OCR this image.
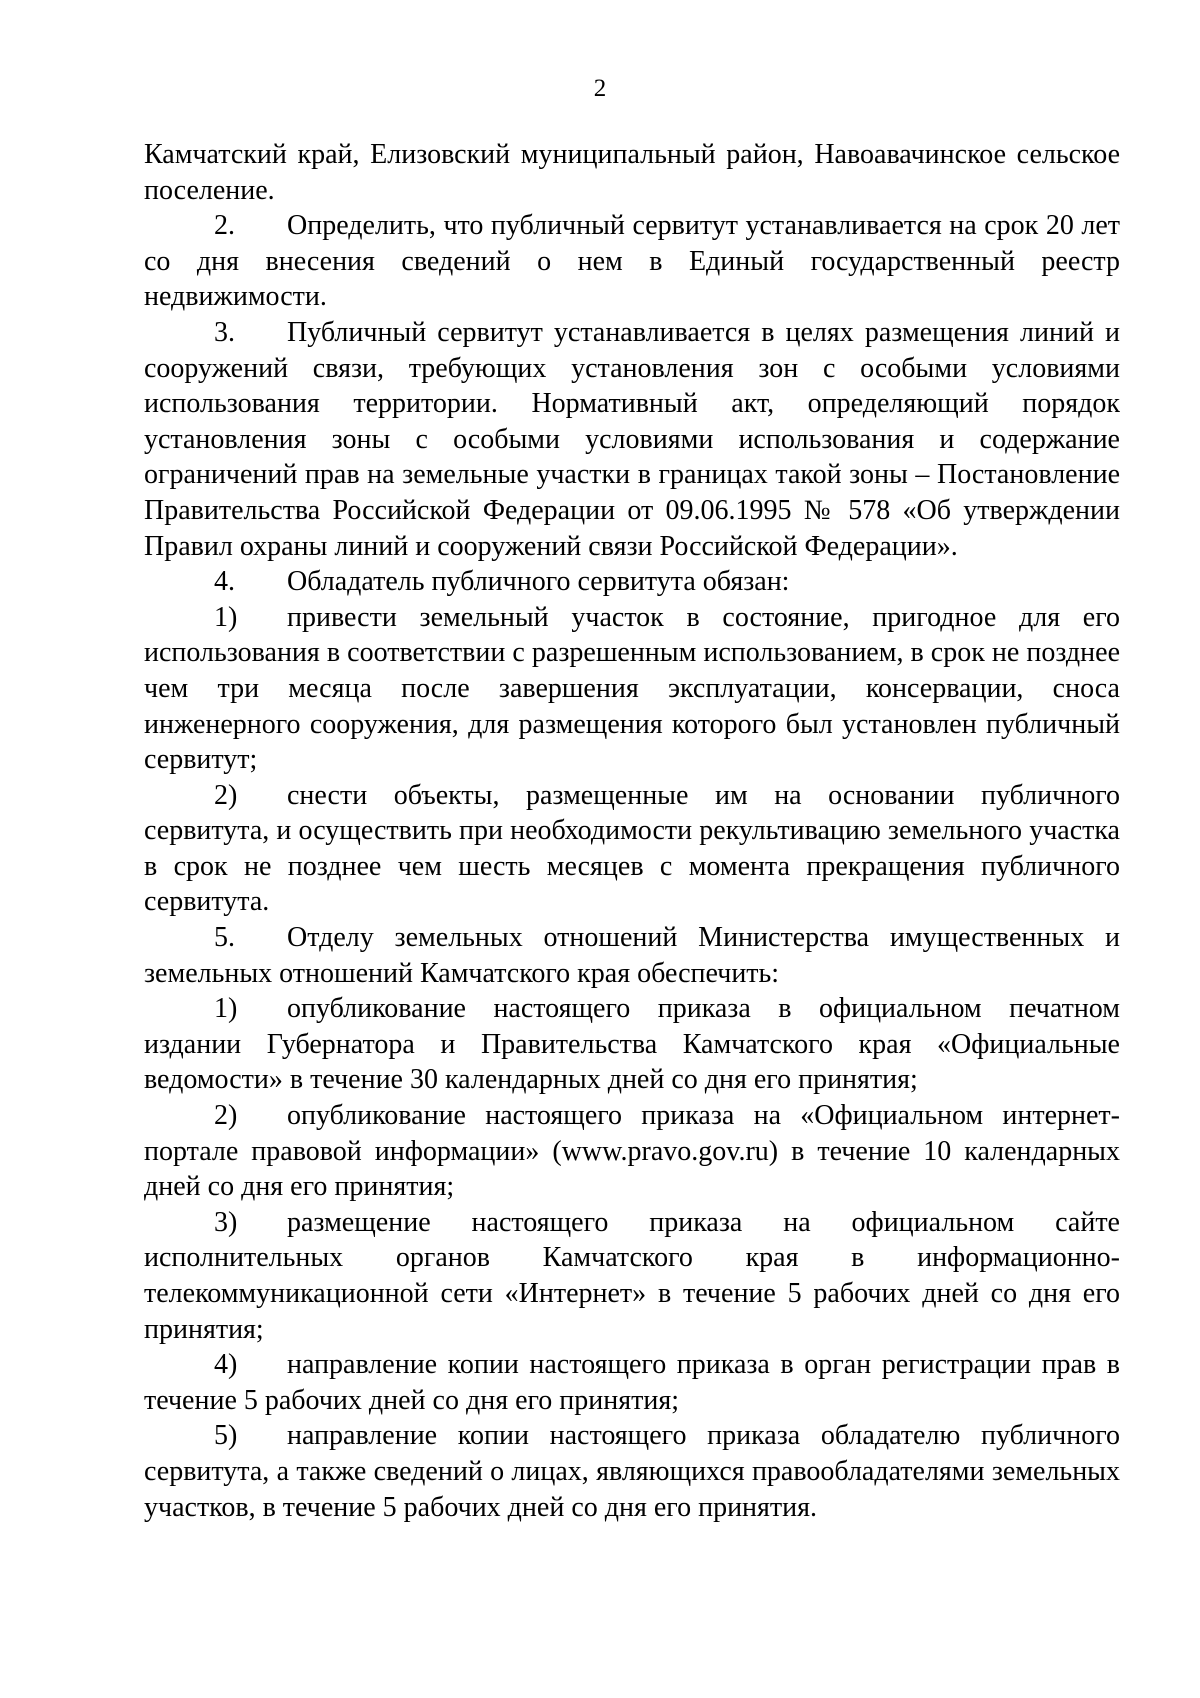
2

Камчатский край, Елизовский муниципальный район, Навоавачинское сельское поселение.

2. Определить, что публичный сервитут устанавливается на срок 20 лет со дня внесения сведений о нем в Единый государственный реестр недвижимости.

3. Публичный сервитут устанавливается в целях размещения линий и сооружений связи, требующих установления зон с особыми условиями использования территории. Нормативный акт, определяющий порядок установления зоны с особыми условиями использования и содержание ограничений прав на земельные участки в границах такой зоны – Постановление Правительства Российской Федерации от 09.06.1995 № 578 «Об утверждении Правил охраны линий и сооружений связи Российской Федерации».

4. Обладатель публичного сервитута обязан:

1) привести земельный участок в состояние, пригодное для его использования в соответствии с разрешенным использованием, в срок не позднее чем три месяца после завершения эксплуатации, консервации, сноса инженерного сооружения, для размещения которого был установлен публичный сервитут;

2) снести объекты, размещенные им на основании публичного сервитута, и осуществить при необходимости рекультивацию земельного участка в срок не позднее чем шесть месяцев с момента прекращения публичного сервитута.

5. Отделу земельных отношений Министерства имущественных и земельных отношений Камчатского края обеспечить:

1) опубликование настоящего приказа в официальном печатном издании Губернатора и Правительства Камчатского края «Официальные ведомости» в течение 30 календарных дней со дня его принятия;

2) опубликование настоящего приказа на «Официальном интернет-портале правовой информации» (www.pravo.gov.ru) в течение 10 календарных дней со дня его принятия;

3) размещение настоящего приказа на официальном сайте исполнительных органов Камчатского края в информационно-телекоммуникационной сети «Интернет» в течение 5 рабочих дней со дня его принятия;

4) направление копии настоящего приказа в орган регистрации прав в течение 5 рабочих дней со дня его принятия;

5) направление копии настоящего приказа обладателю публичного сервитута, а также сведений о лицах, являющихся правообладателями земельных участков, в течение 5 рабочих дней со дня его принятия.
